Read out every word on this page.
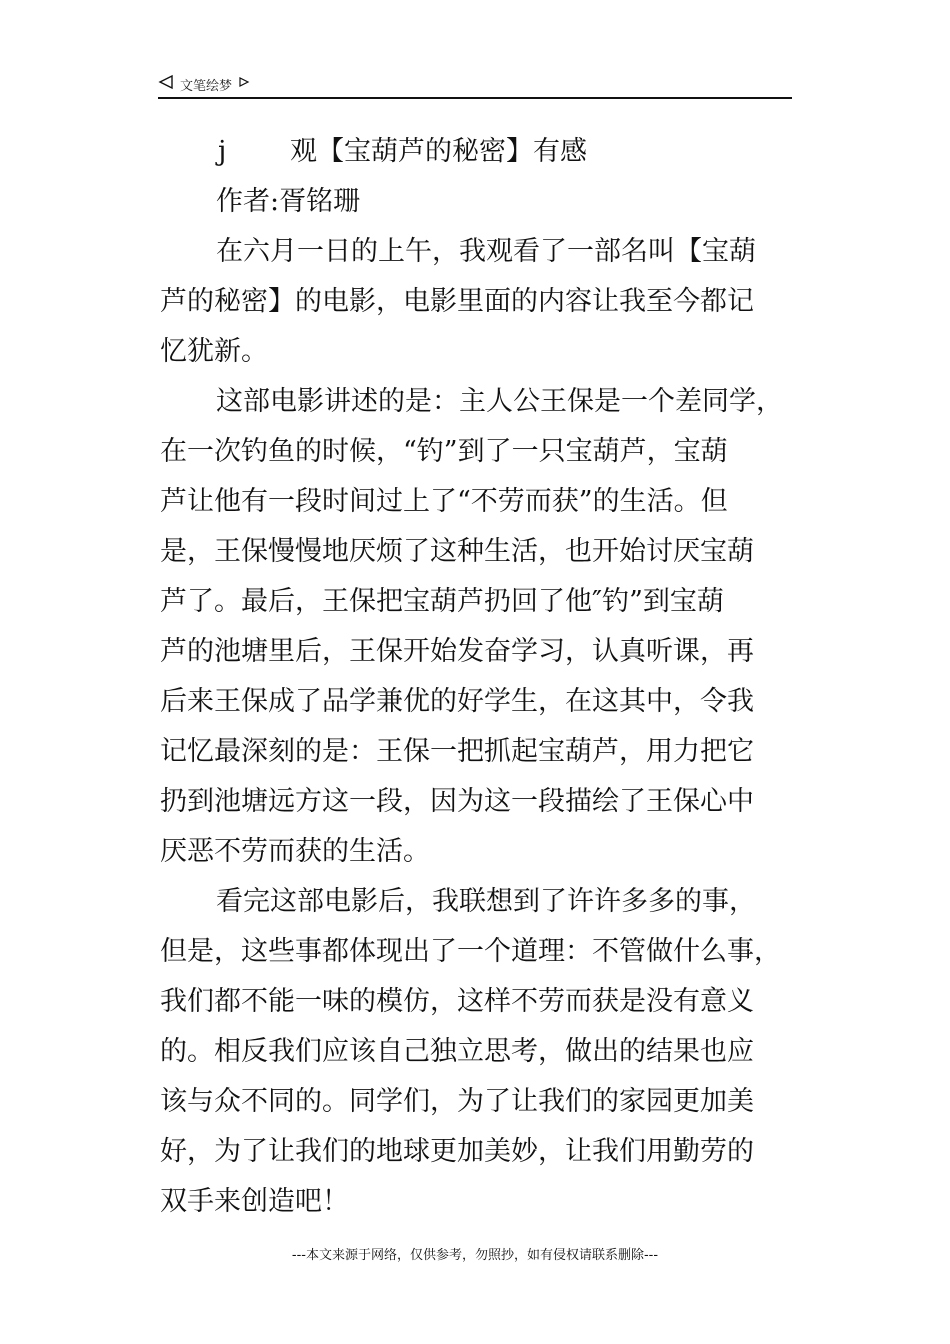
文笔绘梦
j 观【宝葫芦的秘密】有感
作者:胥铭珊
在六月一日的上午，我观看了一部名叫【宝葫
芦的秘密】的电影，电影里面的内容让我至今都记
忆犹新。
这部电影讲述的是：主人公王保是一个差同学，
在一次钓鱼的时候，“钓”到了一只宝葫芦，宝葫
芦让他有一段时间过上了“不劳而获”的生活。但
是，王保慢慢地厌烦了这种生活，也开始讨厌宝葫
芦了。最后，王保把宝葫芦扔回了他″钓”到宝葫
芦的池塘里后，王保开始发奋学习，认真听课，再
后来王保成了品学兼优的好学生，在这其中，令我
记忆最深刻的是：王保一把抓起宝葫芦，用力把它
扔到池塘远方这一段，因为这一段描绘了王保心中
厌恶不劳而获的生活。
看完这部电影后，我联想到了许许多多的事，
但是，这些事都体现出了一个道理：不管做什么事，
我们都不能一味的模仿，这样不劳而获是没有意义
的。相反我们应该自己独立思考，做出的结果也应
该与众不同的。同学们，为了让我们的家园更加美
好，为了让我们的地球更加美妙，让我们用勤劳的
双手来创造吧！
---本文来源于网络，仅供参考，勿照抄，如有侵权请联系删除---
